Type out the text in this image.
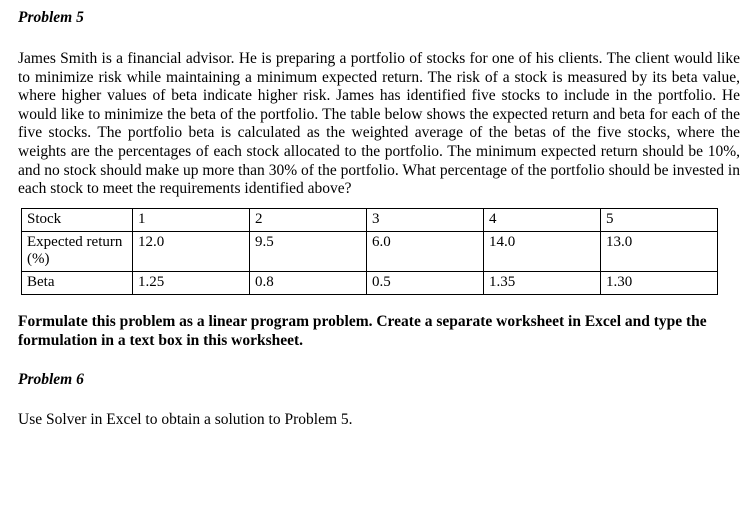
Problem 5

James Smith is a financial advisor. He is preparing a portfolio of stocks for one of his clients. The client would like to minimize risk while maintaining a minimum expected return. The risk of a stock is measured by its beta value, where higher values of beta indicate higher risk. James has identified five stocks to include in the portfolio. He would like to minimize the beta of the portfolio. The table below shows the expected return and beta for each of the five stocks. The portfolio beta is calculated as the weighted average of the betas of the five stocks, where the weights are the percentages of each stock allocated to the portfolio. The minimum expected return should be 10%, and no stock should make up more than 30% of the portfolio. What percentage of the portfolio should be invested in each stock to meet the requirements identified above?

Stock	1	2	3	4	5
Expected return (%)	12.0	9.5	6.0	14.0	13.0
Beta	1.25	0.8	0.5	1.35	1.30

Formulate this problem as a linear program problem. Create a separate worksheet in Excel and type the formulation in a text box in this worksheet.

Problem 6

Use Solver in Excel to obtain a solution to Problem 5.
